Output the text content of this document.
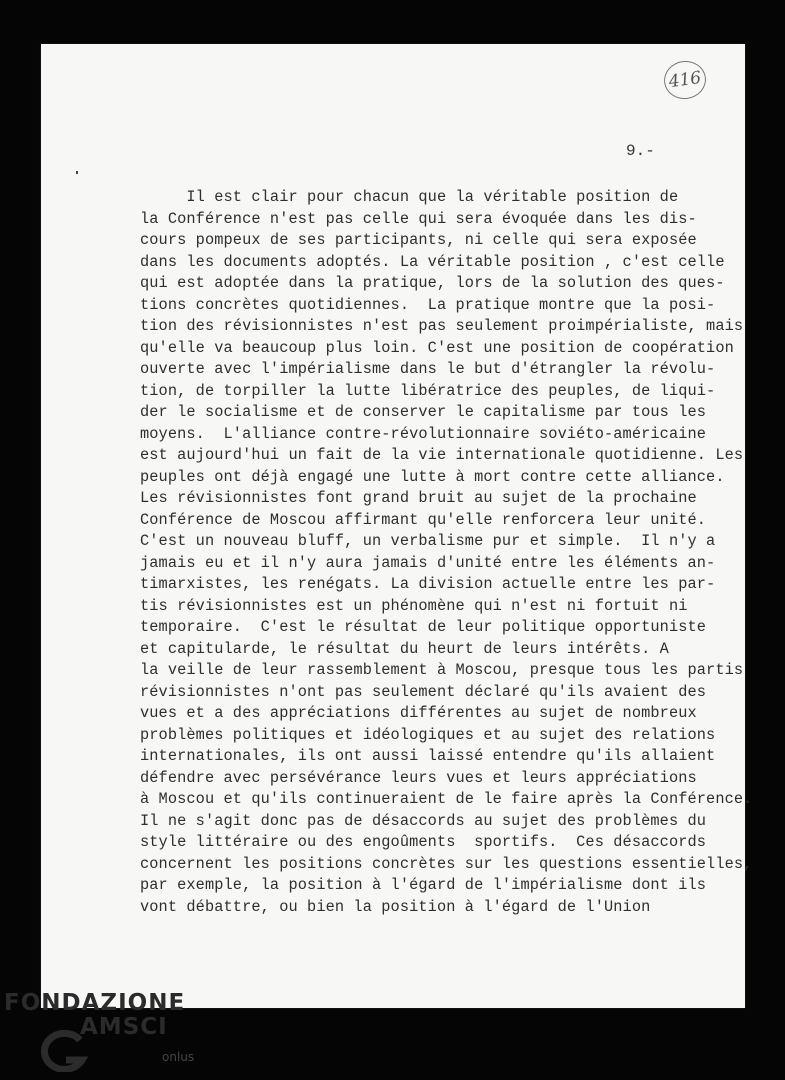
416
9.-
Il est clair pour chacun que la véritable position de
la Conférence n'est pas celle qui sera évoquée dans les dis-
cours pompeux de ses participants, ni celle qui sera exposée
dans les documents adoptés. La véritable position , c'est celle
qui est adoptée dans la pratique, lors de la solution des ques-
tions concrètes quotidiennes.  La pratique montre que la posi-
tion des révisionnistes n'est pas seulement proimpérialiste, mais
qu'elle va beaucoup plus loin. C'est une position de coopération
ouverte avec l'impérialisme dans le but d'étrangler la révolu-
tion, de torpiller la lutte libératrice des peuples, de liqui-
der le socialisme et de conserver le capitalisme par tous les
moyens.  L'alliance contre-révolutionnaire soviéto-américaine
est aujourd'hui un fait de la vie internationale quotidienne. Les
peuples ont déjà engagé une lutte à mort contre cette alliance.
Les révisionnistes font grand bruit au sujet de la prochaine
Conférence de Moscou affirmant qu'elle renforcera leur unité.
C'est un nouveau bluff, un verbalisme pur et simple.  Il n'y a
jamais eu et il n'y aura jamais d'unité entre les éléments an-
timarxistes, les renégats. La division actuelle entre les par-
tis révisionnistes est un phénomène qui n'est ni fortuit ni
temporaire.  C'est le résultat de leur politique opportuniste
et capitularde, le résultat du heurt de leurs intérêts. A
la veille de leur rassemblement à Moscou, presque tous les partis
révisionnistes n'ont pas seulement déclaré qu'ils avaient des
vues et a des appréciations différentes au sujet de nombreux
problèmes politiques et idéologiques et au sujet des relations
internationales, ils ont aussi laissé entendre qu'ils allaient
défendre avec persévérance leurs vues et leurs appréciations
à Moscou et qu'ils continueraient de le faire après la Conférence.
Il ne s'agit donc pas de désaccords au sujet des problèmes du
style littéraire ou des engoûments  sportifs.  Ces désaccords
concernent les positions concrètes sur les questions essentielles,
par exemple, la position à l'égard de l'impérialisme dont ils
vont débattre, ou bien la position à l'égard de l'Union
FONDAZIONE
AMSCI
onlus
